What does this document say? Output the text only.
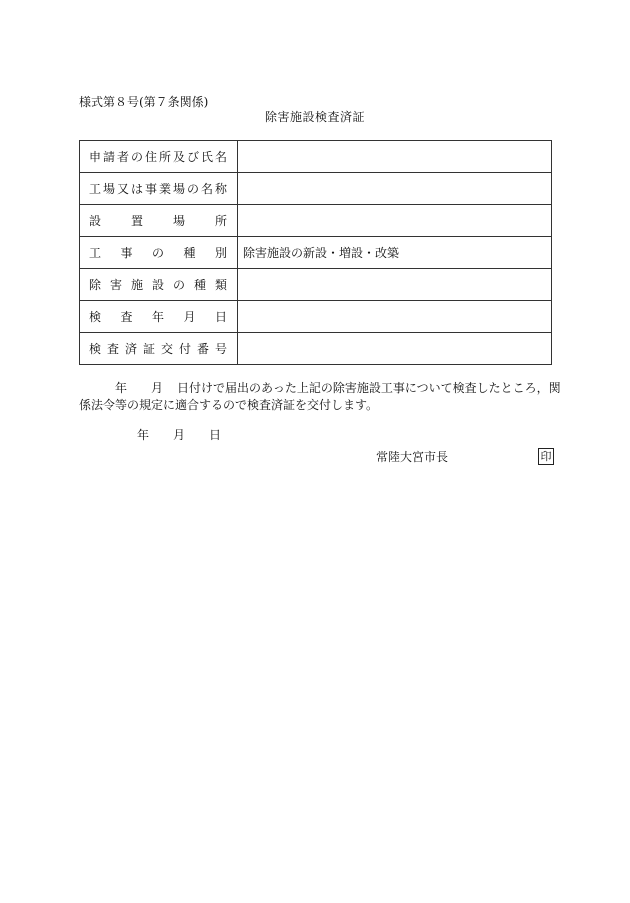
様式第８号(第７条関係)
除害施設検査済証
申請者の住所及び氏名	

工場又は事業場の名称	

設置場所	

工事の種別	除害施設の新設・増設・改築

除害施設の種類	

検査年月日	

検査済証交付番号	

年　　月 日付けで届出のあった上記の除害施設工事について検査したところ，関
係法令等の規定に適合するので検査済証を交付します。
年 月 日
常陸大宮市長	印
